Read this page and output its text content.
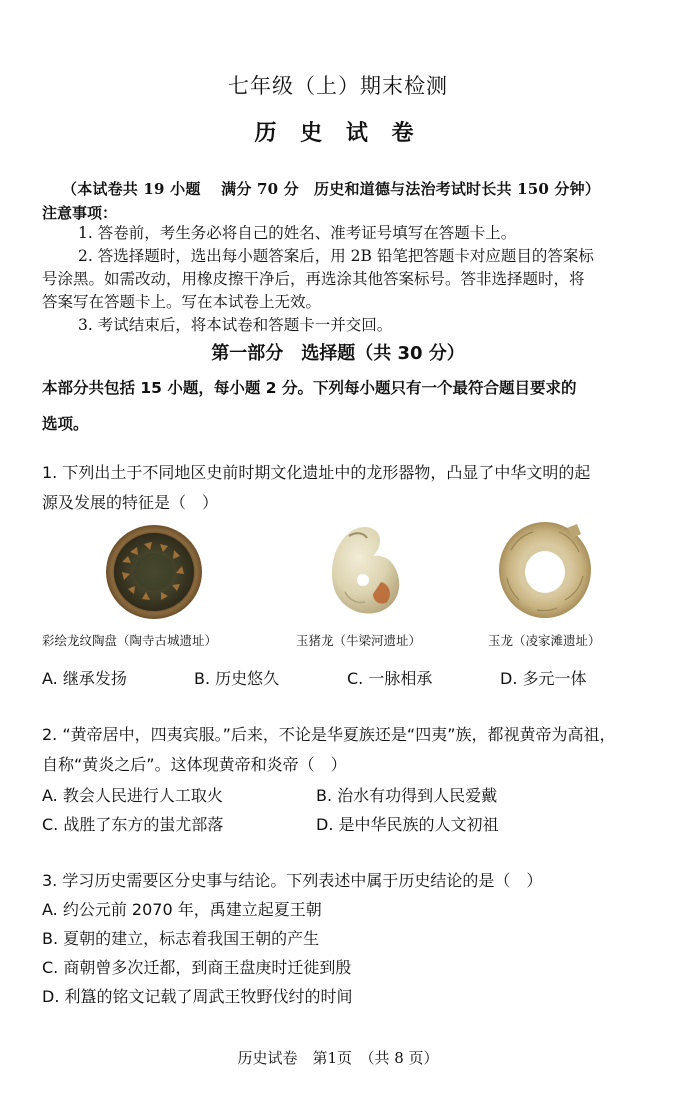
七年级（上）期末检测
历 史 试 卷
（本试卷共 19 小题　 满分 70 分　历史和道德与法治考试时长共 150 分钟）
注意事项：
1. 答卷前，考生务必将自己的姓名、准考证号填写在答题卡上。
2. 答选择题时，选出每小题答案后，用 2B 铅笔把答题卡对应题目的答案标
号涂黑。如需改动，用橡皮擦干净后，再选涂其他答案标号。答非选择题时，将
答案写在答题卡上。写在本试卷上无效。
3. 考试结束后，将本试卷和答题卡一并交回。
第一部分　选择题（共 30 分）
本部分共包括 15 小题，每小题 2 分。下列每小题只有一个最符合题目要求的
选项。
1. 下列出土于不同地区史前时期文化遗址中的龙形器物，凸显了中华文明的起
源及发展的特征是（　）
彩绘龙纹陶盘（陶寺古城遗址）	玉猪龙（牛梁河遗址）	玉龙（凌家滩遗址）
A. 继承发扬	B. 历史悠久	C. 一脉相承	D. 多元一体
2. “黄帝居中，四夷宾服。”后来，不论是华夏族还是“四夷”族，都视黄帝为高祖，
自称“黄炎之后”。这体现黄帝和炎帝（　）
A. 教会人民进行人工取火	B. 治水有功得到人民爱戴
C. 战胜了东方的蚩尤部落	D. 是中华民族的人文初祖
3. 学习历史需要区分史事与结论。下列表述中属于历史结论的是（　）
A. 约公元前 2070 年，禹建立起夏王朝
B. 夏朝的建立，标志着我国王朝的产生
C. 商朝曾多次迁都，到商王盘庚时迁徙到殷
D. 利簋的铭文记载了周武王牧野伐纣的时间
历史试卷　第1页　（共 8 页）
